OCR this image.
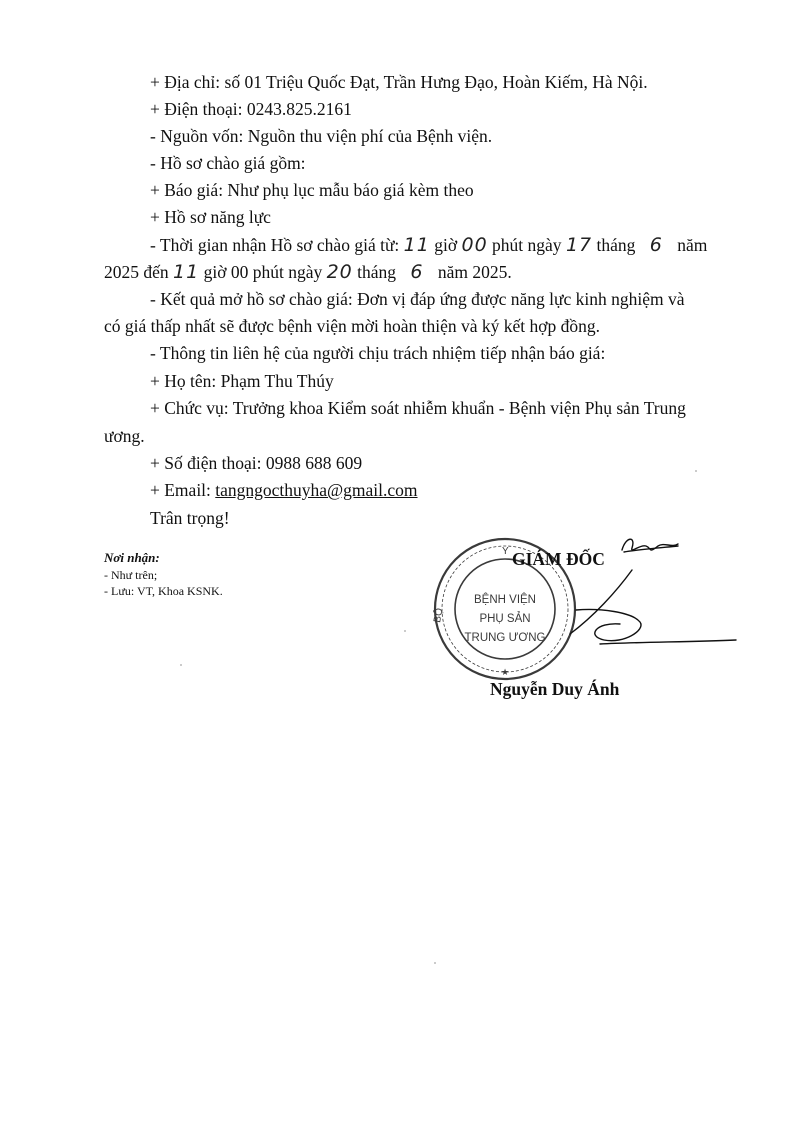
+ Địa chỉ: số 01 Triệu Quốc Đạt, Trần Hưng Đạo, Hoàn Kiếm, Hà Nội.
+ Điện thoại: 0243.825.2161
- Nguồn vốn: Nguồn thu viện phí của Bệnh viện.
- Hồ sơ chào giá gồm:
+ Báo giá: Như phụ lục mẫu báo giá kèm theo
+ Hồ sơ năng lực
- Thời gian nhận Hồ sơ chào giá từ: 11 giờ 00 phút ngày 17 tháng 6 năm
2025 đến 11 giờ 00 phút ngày 20 tháng 6 năm 2025.
- Kết quả mở hồ sơ chào giá: Đơn vị đáp ứng được năng lực kinh nghiệm và
có giá thấp nhất sẽ được bệnh viện mời hoàn thiện và ký kết hợp đồng.
- Thông tin liên hệ của người chịu trách nhiệm tiếp nhận báo giá:
+ Họ tên: Phạm Thu Thúy
+ Chức vụ: Trưởng khoa Kiểm soát nhiễm khuẩn - Bệnh viện Phụ sản Trung
ương.
+ Số điện thoại: 0988 688 609
+ Email: tangngocthuyha@gmail.com
Trân trọng!
Nơi nhận:
- Như trên;
- Lưu: VT, Khoa KSNK.
Y
BỘ
★
BỆNH VIỆN
PHỤ SẢN
TRUNG ƯƠNG
GIÁM ĐỐC
Nguyễn Duy Ánh
